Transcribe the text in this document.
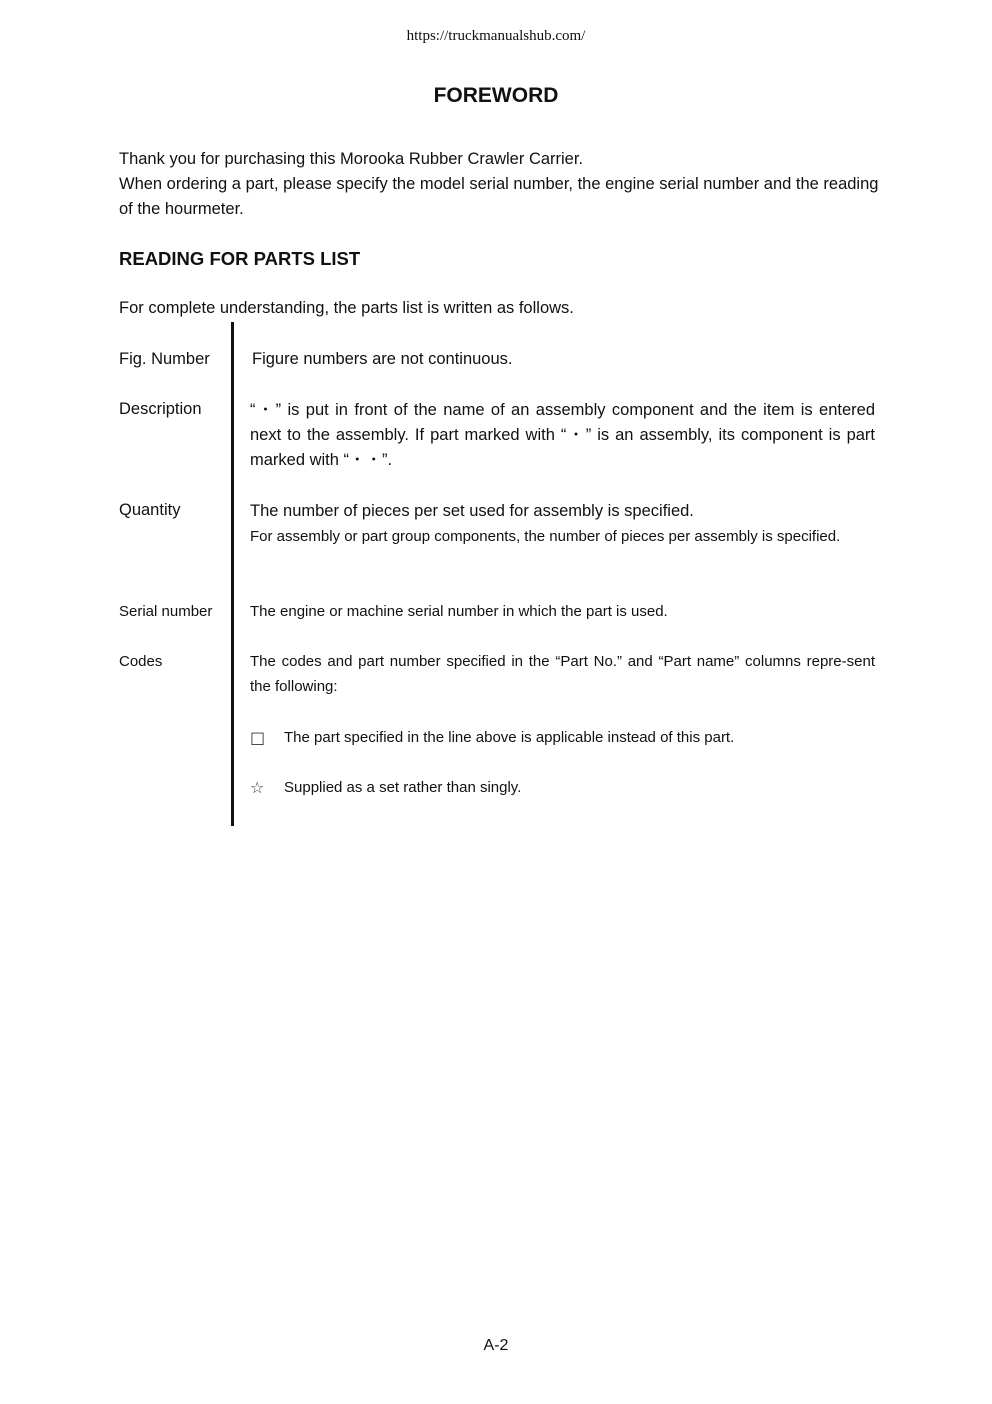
https://truckmanualshub.com/
FOREWORD

Thank you for purchasing this Morooka Rubber Crawler Carrier.

When ordering a part, please specify the model serial number, the engine serial number and the reading of the hourmeter.

READING FOR PARTS LIST
For complete understanding, the parts list is written as follows.
Fig. Number	Figure numbers are not continuous.

Description	“・” is put in front of the name of an assembly component and the item is entered next to the assembly. If part marked with “・” is an assembly, its component is part marked with “・・”.

Quantity	The number of pieces per set used for assembly is specified.

For assembly or part group components, the number of pieces per assembly is specified.

Serial number	The engine or machine serial number in which the part is used.

Codes	The codes and part number specified in the “Part No.” and “Part name” columns repre-sent the following:

□	The part specified in the line above is applicable instead of this part.
☆	Supplied as a set rather than singly.
A-2
